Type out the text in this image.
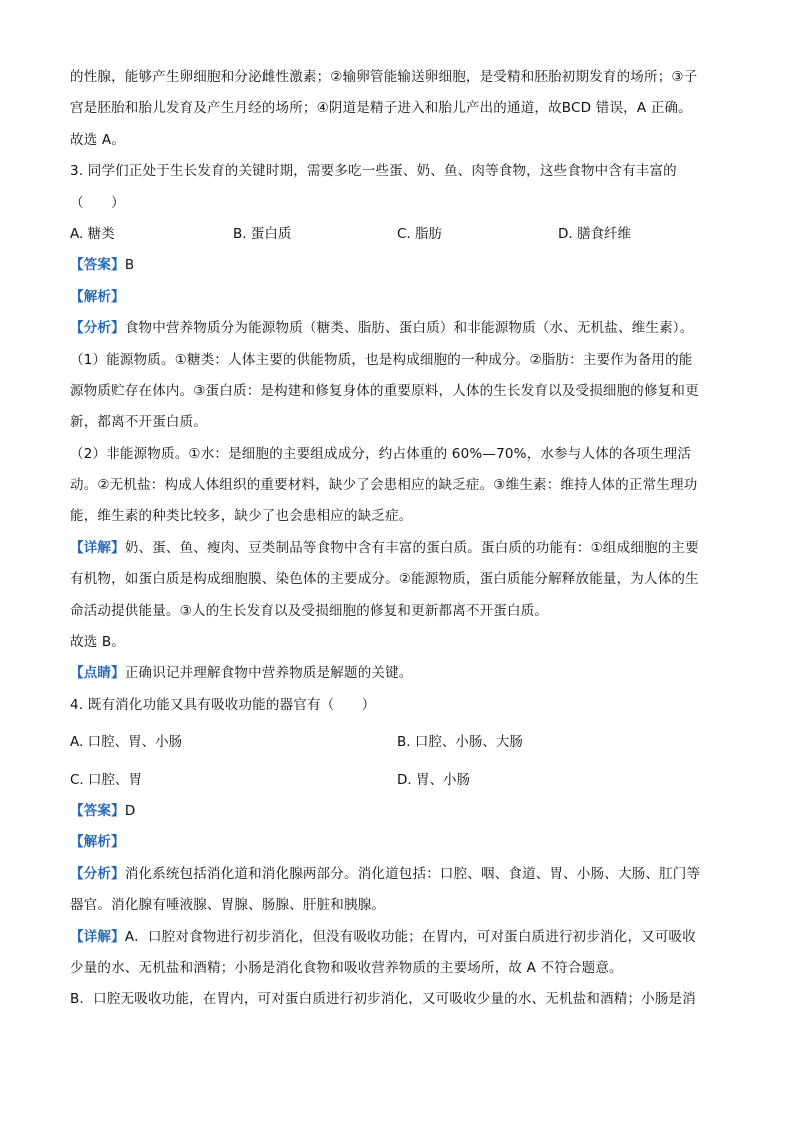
的性腺，能够产生卵细胞和分泌雌性激素；②输卵管能输送卵细胞，是受精和胚胎初期发育的场所；③子
宫是胚胎和胎儿发育及产生月经的场所；④阴道是精子进入和胎儿产出的通道，故BCD 错误，A 正确。
故选 A。
3. 同学们正处于生长发育的关键时期，需要多吃一些蛋、奶、鱼、肉等食物，这些食物中含有丰富的
（　　）
A. 糖类	B. 蛋白质	C. 脂肪	D. 膳食纤维
【答案】B
【解析】
【分析】食物中营养物质分为能源物质（糖类、脂肪、蛋白质）和非能源物质（水、无机盐、维生素）。
（1）能源物质。①糖类：人体主要的供能物质，也是构成细胞的一种成分。②脂肪：主要作为备用的能
源物质贮存在体内。③蛋白质：是构建和修复身体的重要原料，人体的生长发育以及受损细胞的修复和更
新，都离不开蛋白质。
（2）非能源物质。①水：是细胞的主要组成成分，约占体重的 60%—70%，水参与人体的各项生理活
动。②无机盐：构成人体组织的重要材料，缺少了会患相应的缺乏症。③维生素：维持人体的正常生理功
能，维生素的种类比较多，缺少了也会患相应的缺乏症。
【详解】奶、蛋、鱼、瘦肉、豆类制品等食物中含有丰富的蛋白质。蛋白质的功能有：①组成细胞的主要
有机物，如蛋白质是构成细胞膜、染色体的主要成分。②能源物质，蛋白质能分解释放能量，为人体的生
命活动提供能量。③人的生长发育以及受损细胞的修复和更新都离不开蛋白质。
故选 B。
【点睛】正确识记并理解食物中营养物质是解题的关键。
4. 既有消化功能又具有吸收功能的器官有（　　）
A. 口腔、胃、小肠	B. 口腔、小肠、大肠
C. 口腔、胃	D. 胃、小肠
【答案】D
【解析】
【分析】消化系统包括消化道和消化腺两部分。消化道包括：口腔、咽、食道、胃、小肠、大肠、肛门等
器官。消化腺有唾液腺、胃腺、肠腺、肝脏和胰腺。
【详解】A．口腔对食物进行初步消化，但没有吸收功能；在胃内，可对蛋白质进行初步消化，又可吸收
少量的水、无机盐和酒精；小肠是消化食物和吸收营养物质的主要场所，故 A 不符合题意。
B．口腔无吸收功能，在胃内，可对蛋白质进行初步消化，又可吸收少量的水、无机盐和酒精；小肠是消
